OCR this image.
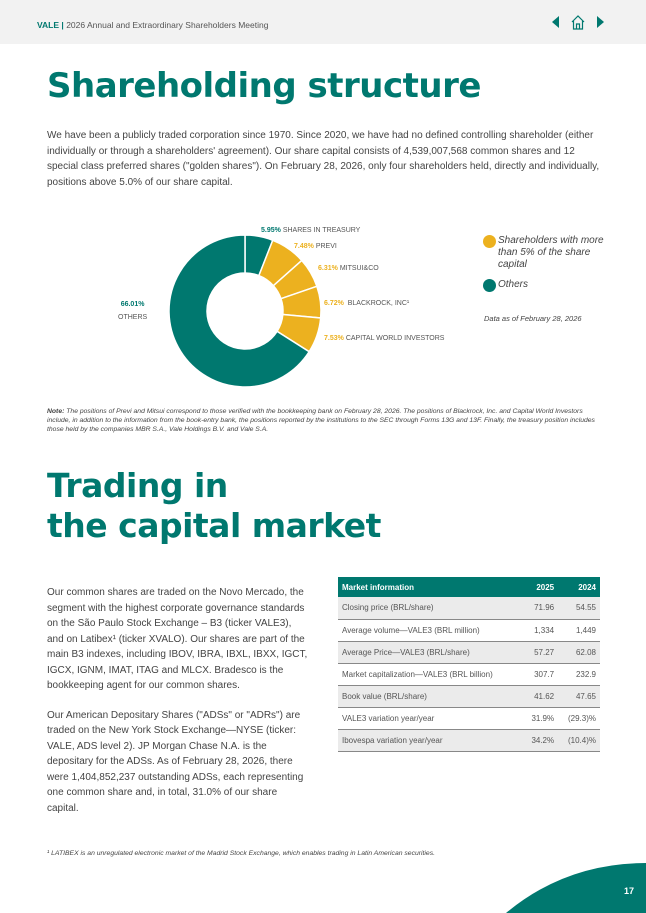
VALE | 2026 Annual and Extraordinary Shareholders Meeting
Shareholding structure
We have been a publicly traded corporation since 1970. Since 2020, we have had no defined controlling shareholder (either individually or through a shareholders' agreement). Our share capital consists of 4,539,007,568 common shares and 12 special class preferred shares ("golden shares"). On February 28, 2026, only four shareholders held, directly and individually, positions above 5.0% of our share capital.
5.95% SHARES IN TREASURY
7.48% PREVI
6.31% MITSUI&CO
6.72% BLACKROCK, INC¹
7.53% CAPITAL WORLD INVESTORS
66.01%
OTHERS
Shareholders with more than 5% of the share capital
Others
Data as of February 28, 2026
Note: The positions of Previ and Mitsui correspond to those verified with the bookkeeping bank on February 28, 2026. The positions of Blackrock, Inc. and Capital World Investors include, in addition to the information from the book-entry bank, the positions reported by the institutions to the SEC through Forms 13G and 13F. Finally, the treasury position includes those held by the companies MBR S.A., Vale Holdings B.V. and Vale S.A.
Trading in
the capital market
Our common shares are traded on the Novo Mercado, the segment with the highest corporate governance standards on the São Paulo Stock Exchange – B3 (ticker VALE3), and on Latibex¹ (ticker XVALO). Our shares are part of the main B3 indexes, including IBOV, IBRA, IBXL, IBXX, IGCT, IGCX, IGNM, IMAT, ITAG and MLCX. Bradesco is the bookkeeping agent for our common shares.
Our American Depositary Shares ("ADSs" or "ADRs") are traded on the New York Stock Exchange—NYSE (ticker: VALE, ADS level 2). JP Morgan Chase N.A. is the depositary for the ADSs. As of February 28, 2026, there were 1,404,852,237 outstanding ADSs, each representing one common share and, in total, 31.0% of our share capital.
Market information	2025	2024
Closing price (BRL/share)	71.96	54.55
Average volume—VALE3 (BRL million)	1,334	1,449
Average Price—VALE3 (BRL/share)	57.27	62.08
Market capitalization—VALE3 (BRL billion)	307.7	232.9
Book value (BRL/share)	41.62	47.65
VALE3 variation year/year	31.9%	(29.3)%
Ibovespa variation year/year	34.2%	(10.4)%
¹ LATIBEX is an unregulated electronic market of the Madrid Stock Exchange, which enables trading in Latin American securities.
17
